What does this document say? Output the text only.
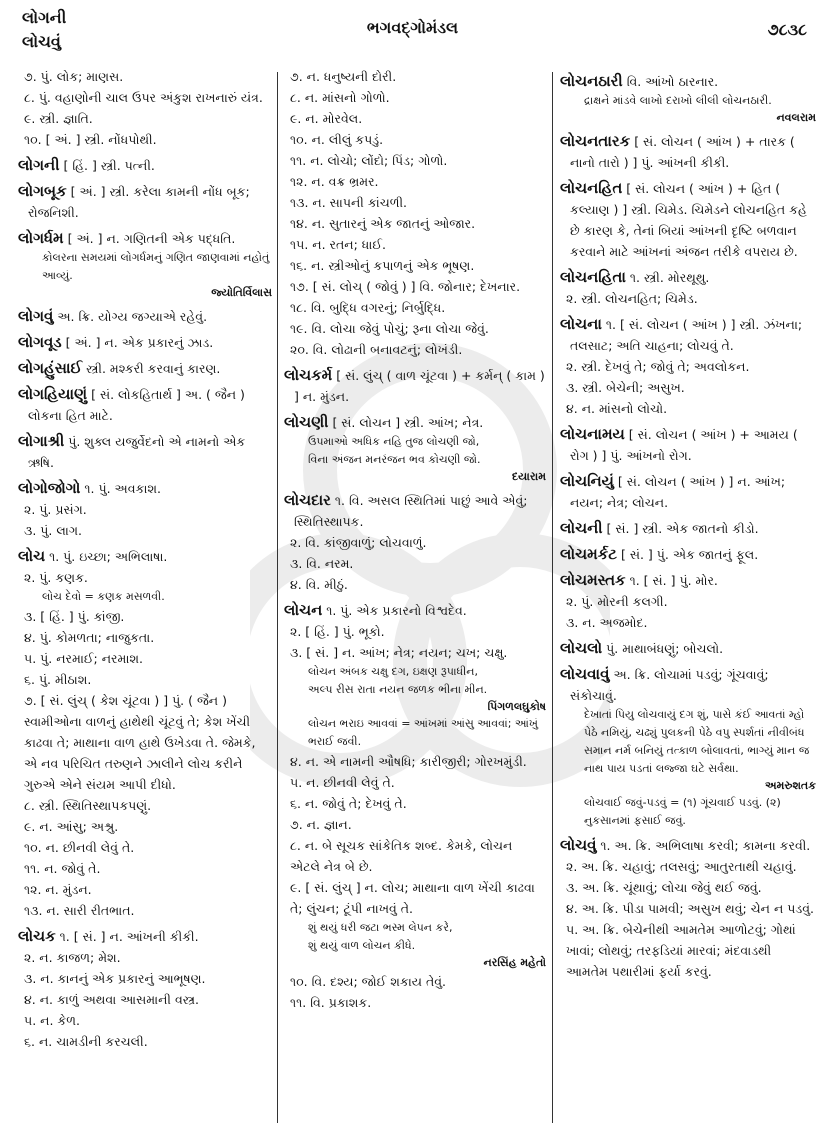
લોગની
લોચવું
ભગવદ્ગોમંડલ	૭૮૩૮
૭. પું. લોક; માણસ.
૮. પું. વહાણોની ચાલ ઉપર અંકુશ રાખનારું યંત્ર.
૯. સ્ત્રી. જ્ઞાતિ.
૧૦. [ અં. ] સ્ત્રી. નોંધપોથી.
લોગની [ હિં. ] સ્ત્રી. પત્ની.
લોગબૂક [ અં. ] સ્ત્રી. કરેલા કામની નોંધ બૂક; રોજનિશી.
લોગર્ધમ [ અં. ] ન. ગણિતની એક પદ્ધતિ.
કોલરના સમયમાં લોગર્ધમનું ગણિત જાણવામાં નહોતું આવ્યું.
જ્યોતિર્વિલાસ
લોગવું અ. ક્રિ. યોગ્ય જગ્યાએ રહેવું.
લોગવૂડ [ અં. ] ન. એક પ્રકારનું ઝાડ.
લોગહુંસાઈ સ્ત્રી. મશ્કરી કરવાનું કારણ.
લોગહિયાણું [ સં. લોકહિતાર્થ ] અ. ( જૈન ) લોકના હિત માટે.
લોગાશ્રી પું. શુક્લ યજુર્વેદનો એ નામનો એક ઋષિ.
લોગોજોગો ૧. પું. અવકાશ.
૨. પું. પ્રસંગ.
૩. પું. લાગ.
લોચ ૧. પું. ઇચ્છા; અભિલાષા.
૨. પું. કણક.
લોચ દેવો = કણક મસળવી.
૩. [ હિં. ] પું. કાંજી.
૪. પું. કોમળતા; નાજુકતા.
૫. પું. નરમાઈ; નરમાશ.
૬. પું. મીઠાશ.
૭. [ સં. લુંચ્ ( કેશ ચૂંટવા ) ] પું. ( જૈન ) સ્વામીઓના વાળનું હાથેથી ચૂંટવું તે; કેશ ખેંચી કાઢવા તે; માથાના વાળ હાથે ઉખેડવા તે. જેમકે, એ નવ પરિચિત તરુણને ઝાલીને લોચ કરીને ગુરુએ એને સંયમ આપી દીધો.
૮. સ્ત્રી. સ્થિતિસ્થાપકપણું.
૯. ન. આંસુ; અશ્રુ.
૧૦. ન. છીનવી લેવું તે.
૧૧. ન. જોવું તે.
૧૨. ન. મુંડન.
૧૩. ન. સારી રીતભાત.
લોચક ૧. [ સં. ] ન. આંખની કીકી.
૨. ન. કાજળ; મેશ.
૩. ન. કાનનું એક પ્રકારનું આભૂષણ.
૪. ન. કાળું અથવા આસમાની વસ્ત્ર.
૫. ન. કેળ.
૬. ન. ચામડીની કરચલી.
૭. ન. ધનુષ્યની દોરી.
૮. ન. માંસનો ગોળો.
૯. ન. મોરવેલ.
૧૦. ન. લીલું કપડું.
૧૧. ન. લોચો; લોંદો; પિંડ; ગોળો.
૧૨. ન. વક્ર ભ્રમર.
૧૩. ન. સાપની કાંચળી.
૧૪. ન. સુતારનું એક જાતનું ઓજાર.
૧૫. ન. રતન; ધાઈ.
૧૬. ન. સ્ત્રીઓનું કપાળનું એક ભૂષણ.
૧૭. [ સં. લોચ્ ( જોવું ) ] વિ. જોનાર; દેખનાર.
૧૮. વિ. બુદ્ધિ વગરનું; નિર્બુદ્ધિ.
૧૯. વિ. લોચા જેવું પોચું; રૂના લોચા જેવું.
૨૦. વિ. લોઢાની બનાવટનું; લોખંડી.
લોચકર્મ [ સં. લુંચ્ ( વાળ ચૂંટવા ) + કર્મન્ ( કામ ) ] ન. મુંડન.
લોચણી [ સં. લોચન ] સ્ત્રી. આંખ; નેત્ર.
ઉપમાઓ અધિક નહિ તુજ લોચણી જો,
વિના અંજન મનરંજન ભવ કોચણી જો.
દયારામ
લોચદાર ૧. વિ. અસલ સ્થિતિમાં પાછું આવે એવું; સ્થિતિસ્થાપક.
૨. વિ. કાંજીવાળું; લોચવાળું.
૩. વિ. નરમ.
૪. વિ. મીઠું.
લોચન ૧. પું. એક પ્રકારનો વિશ્વદેવ.
૨. [ હિં. ] પું. ભૂકો.
૩. [ સં. ] ન. આંખ; નેત્ર; નયન; ચખ; ચક્ષુ.
લોચન અંબક ચક્ષુ દગ, ઇક્ષણ રૂપાધીન,
અલ્પ રીસ રાતા નયન જળક ભીના મીન.
પિંગળલઘુકોષ
લોચન ભરાઇ આવવાં = આંખમાં આંસુ આવવાં; આંખું ભરાઈ જવી.
૪. ન. એ નામની ઔષધિ; કારીજીરી; ગોરખમુંડી.
૫. ન. છીનવી લેવું તે.
૬. ન. જોવું તે; દેખવું તે.
૭. ન. જ્ઞાન.
૮. ન. બે સૂચક સાંકેતિક શબ્દ. કેમકે, લોચન એટલે નેત્ર બે છે.
૯. [ સં. લુંચ્ ] ન. લોચ; માથાના વાળ ખેંચી કાઢવા તે; લુંચન; ટૂંપી નાખવું તે.
શું થયું ધરી જટા ભસ્મ લેપન કરે,
શું થયું વાળ લોચન કીધે.
નરસિંહ મહેતો
૧૦. વિ. દશ્ય; જોઈ શકાય તેવું.
૧૧. વિ. પ્રકાશક.
લોચનઠારી વિ. આંખો ઠારનાર.
દ્રાક્ષને માંડવે લાખો દરાખો લીલી લોચનઠારી.
નવલરામ
લોચનતારક [ સં. લોચન ( આંખ ) + તારક ( નાનો તારો ) ] પું. આંખની કીકી.
લોચનહિત [ સં. લોચન ( આંખ ) + હિત ( કલ્યાણ ) ] સ્ત્રી. ચિમેડ. ચિમેડને લોચનહિત કહે છે કારણ કે, તેનાં બિયાં આંખની દૃષ્ટિ બળવાન કરવાને માટે આંખનાં અંજન તરીકે વપરાય છે.
લોચનહિતા ૧. સ્ત્રી. મોરથૂથુ.
૨. સ્ત્રી. લોચનહિત; ચિમેડ.
લોચના ૧. [ સં. લોચન ( આંખ ) ] સ્ત્રી. ઝંખના; તલસાટ; અતિ ચાહના; લોચવું તે.
૨. સ્ત્રી. દેખવું તે; જોવું તે; અવલોકન.
૩. સ્ત્રી. બેચેની; અસુખ.
૪. ન. માંસનો લોચો.
લોચનામય [ સં. લોચન ( આંખ ) + આમય ( રોગ ) ] પું. આંખનો રોગ.
લોચનિયું [ સં. લોચન ( આંખ ) ] ન. આંખ; નયન; નેત્ર; લોચન.
લોચની [ સં. ] સ્ત્રી. એક જાતનો કીડો.
લોચમર્કટ [ સં. ] પું. એક જાતનું ફૂલ.
લોચમસ્તક ૧. [ સં. ] પું. મોર.
૨. પું. મોરની કલગી.
૩. ન. અજમોદ.
લોચલો પું. માથાબંધણું; બોચલો.
લોચવાવું અ. ક્રિ. લોચામાં પડવું; ગૂંચવાવું; સંકોચાવું.
દેખાતાં પિયુ લોચવાયું દગ શું, પાસે કંઈ આવતાં મ્હો પેઠે નમિયું, ચઢ્યું પુલકની પેઠે વપુ સ્પર્શતાં નીવીબંધ સમાન નર્મ બનિયું તત્કાળ બોલાવતાં, ભાગ્યું માન જ નાથ પાય પડતાં લજ્જા ઘટે સર્વથા.
અમરુશતક
લોચવાઈ જવું-પડવું = (૧) ગૂંચવાઈ પડવું. (૨) નુકસાનમાં ફસાઈ જવું.
લોચવું ૧. અ. ક્રિ. અભિલાષા કરવી; કામના કરવી.
૨. અ. ક્રિ. ચહાવું; તલસવું; આતુરતાથી ચહાવું.
૩. અ. ક્રિ. ચૂંથાવું; લોચા જેવું થઈ જવું.
૪. અ. ક્રિ. પીડા પામવી; અસુખ થવું; ચેન ન પડવું.
૫. અ. ક્રિ. બેચેનીથી આમતેમ આળોટવું; ગોથાં ખાવાં; લોથવું; તરફડિયાં મારવાં; મંદવાડથી આમતેમ પથારીમાં ફર્યા કરવું.
